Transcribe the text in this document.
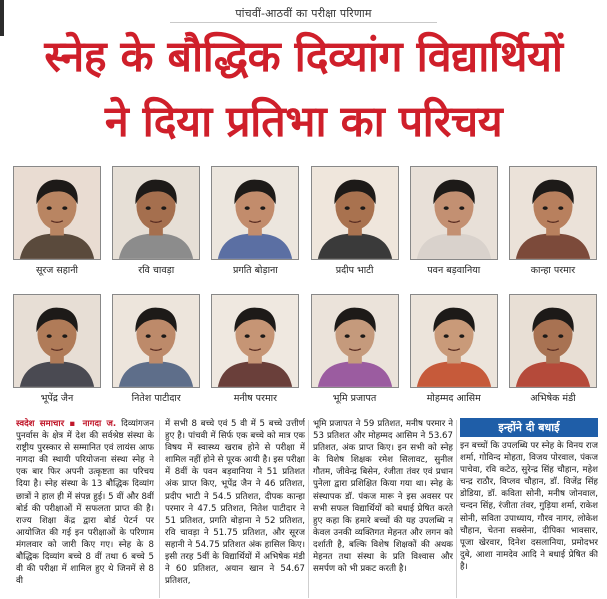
पांचवीं-आठवीं का परीक्षा परिणाम
स्नेह के बौद्धिक दिव्यांग विद्यार्थियों
ने दिया प्रतिभा का परिचय
सूरज सहानी	रवि चावड़ा	प्रगति बोड़ाना	प्रदीप भाटी	पवन बड़वानिया	कान्हा परमार
भूपेंद्र जैन	नितेश पाटीदार	मनीष परमार	भूमि प्रजापत	मोहम्मद आसिम	अभिषेक मंडी
स्वदेश समाचार ▪ नागदा ज. दिव्यांगजन पुनर्वास के क्षेत्र में देश की सर्वश्रेष्ठ संस्था के राष्ट्रीय पुरस्कार से सम्मानित एवं लायंस आफ नागदा की स्थायी परियोजना संस्था स्नेह ने एक बार फिर अपनी उत्कृष्टता का परिचय दिया है। स्नेह संस्था के 13 बौद्धिक दिव्यांग छात्रों ने हाल ही में संपन्न हुई। 5 वीं और 8वीं बोर्ड की परीक्षाओं में सफलता प्राप्त की है। राज्य शिक्षा केंद्र द्वारा बोर्ड पेटर्न पर आयोजित की गई इन परीक्षाओं के परिणाम मंगलवार को जारी किए गए। स्नेह के 8 बौद्धिक दिव्यांग बच्चे 8 वीं तथा 6 बच्चे 5 वी की परीक्षा में शामिल हुए थे जिनमें से 8 वी
में सभी 8 बच्चे एवं 5 वी में 5 बच्चे उत्तीर्ण हुए है। पांचवी में सिर्फ एक बच्चे को मात्र एक विषय में स्वास्थ्य खराब होने से परीक्षा में शामिल नहीं होने से पूरक आयी है। इस परीक्षा में 8वीं के पवन बड़वानिया ने 51 प्रतिशत अंक प्राप्त किए, भूपेंद्र जैन ने 46 प्रतिशत, प्रदीप भाटी ने 54.5 प्रतिशत, दीपक कान्हा परमार ने 47.5 प्रतिशत, नितेश पाटीदार ने 51 प्रतिशत, प्रगति बोड़ाना ने 52 प्रतिशत, रवि चावड़ा ने 51.75 प्रतिशत, और सूरज सहानी ने 54.75 प्रतिशत अंक हासिल किए। इसी तरह 5वीं के विद्यार्थियों में अभिषेक मंडी ने 60 प्रतिशत, अयान खान ने 54.67 प्रतिशत,
भूमि प्रजापत ने 59 प्रतिशत, मनीष परमार ने 53 प्रतिशत और मोहम्मद आसिम ने 53.67 प्रतिशत, अंक प्राप्त किए। इन सभी को स्नेह के विशेष शिक्षक रमेश सिलावट, सुनील गौतम, जीवेन्द्र बिसेन, रंजीता तंवर एवं प्रधान पुनेला द्वारा प्रशिक्षित किया गया था। स्नेह के संस्थापक डॉ. पंकज मारू ने इस अवसर पर सभी सफल विद्यार्थियों को बधाई प्रेषित करते हुए कहा कि हमारे बच्चों की यह उपलब्धि न केवल उनकी व्यक्तिगत मेहनत और लगन को दर्शाती है, बल्कि विशेष शिक्षकों की अथक मेहनत तथा संस्था के प्रति विश्वास और समर्पण को भी प्रकट करती है।
इन्होंने दी बधाई
इन बच्चों कि उपलब्धि पर स्नेह के विनय राज शर्मा, गोविन्द मोहता, विजय पोरवाल, पंकज पाचेवा, रवि कटेठ, सुरेन्द्र सिंह चौहान, महेश चन्द्र राठौर, विप्लव चौहान, डॉ. विजेंद्र सिंह डोडिया, डॉ. कविता सोनी, मनीष जोनवाल, चन्दन सिंह, रंजीता तंवर, गुड़िया शर्मा, राकेश सोनी, सविता उपाध्याय, गौरव नागर, लोकेश चौहान, चेतना सक्सेना, दीपिका भावसार, पूजा खेरवार, दिनेश दसलानिया, प्रमोदभर दुबे, आशा नामदेव आदि ने बधाई प्रेषित की है।
